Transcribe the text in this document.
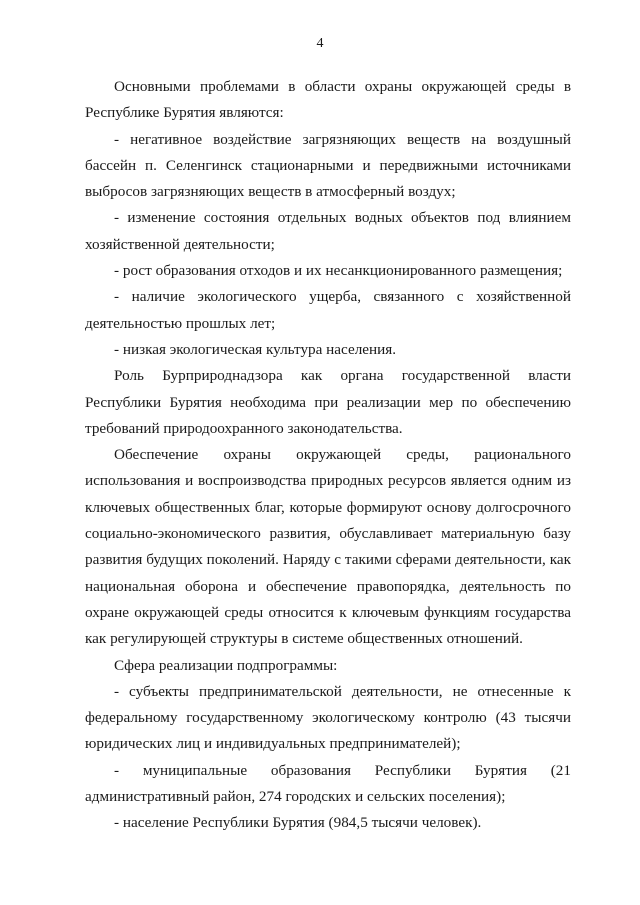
4

Основными проблемами в области охраны окружающей среды в Республике Бурятия являются:

- негативное воздействие загрязняющих веществ на воздушный бассейн п. Селенгинск стационарными и передвижными источниками выбросов загрязняющих веществ в атмосферный воздух;

- изменение состояния отдельных водных объектов под влиянием хозяйственной деятельности;

- рост образования отходов и их несанкционированного размещения;

- наличие экологического ущерба, связанного с хозяйственной деятельностью прошлых лет;

- низкая экологическая культура населения.

Роль Бурприроднадзора как органа государственной власти Республики Бурятия необходима при реализации мер по обеспечению требований природоохранного законодательства.

Обеспечение охраны окружающей среды, рационального использования и воспроизводства природных ресурсов является одним из ключевых общественных благ, которые формируют основу долгосрочного социально-экономического развития, обуславливает материальную базу развития будущих поколений. Наряду с такими сферами деятельности, как национальная оборона и обеспечение правопорядка, деятельность по охране окружающей среды относится к ключевым функциям государства как регулирующей структуры в системе общественных отношений.

Сфера реализации подпрограммы:

- субъекты предпринимательской деятельности, не отнесенные к федеральному государственному экологическому контролю (43 тысячи юридических лиц и индивидуальных предпринимателей);

- муниципальные образования Республики Бурятия (21 административный район, 274 городских и сельских поселения);

- население Республики Бурятия (984,5 тысячи человек).
